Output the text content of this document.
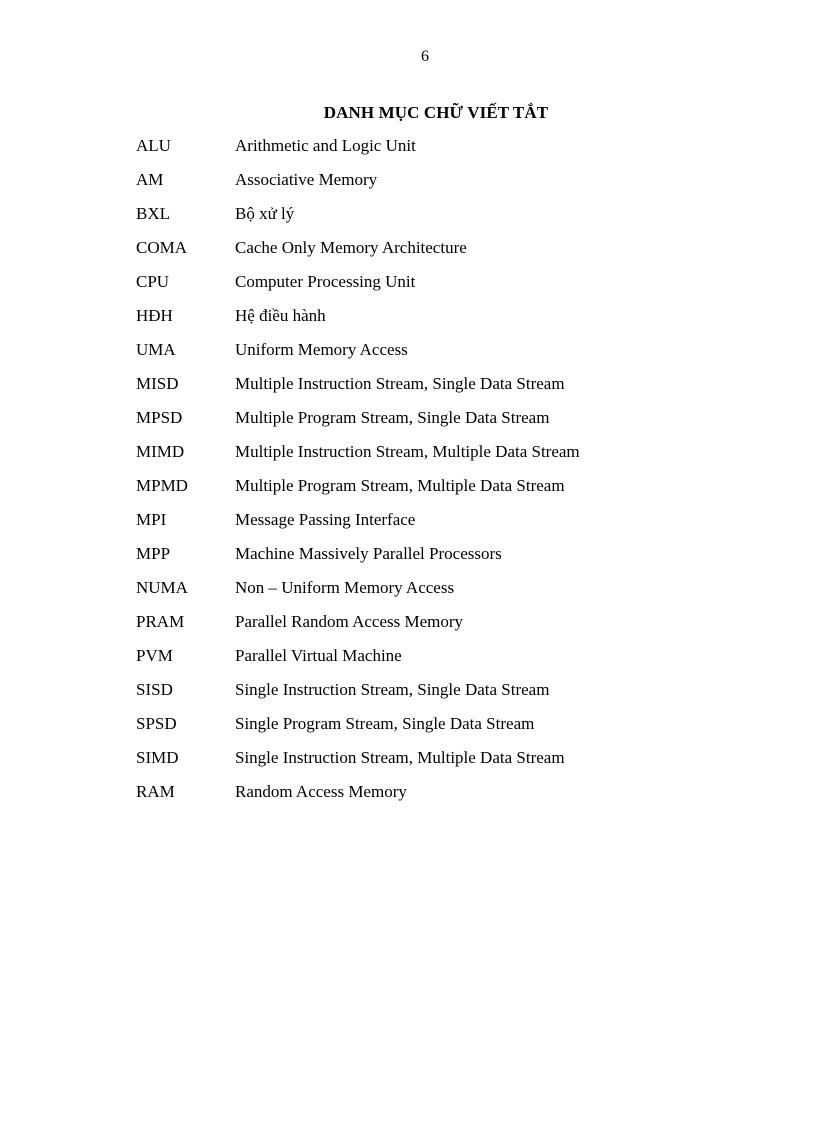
6
DANH MỤC CHỮ VIẾT TẮT
ALU	Arithmetic and Logic Unit
AM	Associative Memory
BXL	Bộ xử lý
COMA	Cache Only Memory Architecture
CPU	Computer Processing Unit
HĐH	Hệ điều hành
UMA	Uniform Memory Access
MISD	Multiple Instruction Stream, Single Data Stream
MPSD	Multiple Program Stream, Single Data Stream
MIMD	Multiple Instruction Stream, Multiple Data Stream
MPMD	Multiple Program Stream, Multiple Data Stream
MPI	Message Passing Interface
MPP	Machine Massively Parallel Processors
NUMA	Non – Uniform Memory Access
PRAM	Parallel Random Access Memory
PVM	Parallel Virtual Machine
SISD	Single Instruction Stream, Single Data Stream
SPSD	Single Program Stream, Single Data Stream
SIMD	Single Instruction Stream, Multiple Data Stream
RAM	Random Access Memory
